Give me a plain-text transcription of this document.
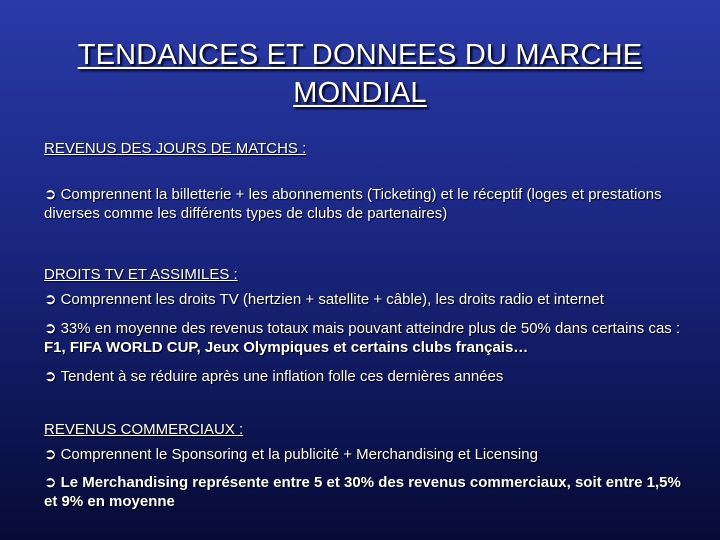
TENDANCES ET DONNEES DU MARCHE
MONDIAL

REVENUS DES JOURS DE MATCHS :

➲ Comprennent la billetterie + les abonnements (Ticketing) et le réceptif (loges et prestations diverses comme les différents types de clubs de partenaires)

DROITS TV ET ASSIMILES :

➲ Comprennent les droits TV (hertzien + satellite + câble), les droits radio et internet

➲ 33% en moyenne des revenus totaux mais pouvant atteindre plus de 50% dans certains cas : F1, FIFA WORLD CUP, Jeux Olympiques et certains clubs français…

➲ Tendent à se réduire après une inflation folle ces dernières années

REVENUS COMMERCIAUX :

➲ Comprennent le Sponsoring et la publicité + Merchandising et Licensing

➲ Le Merchandising représente entre 5 et 30% des revenus commerciaux, soit entre 1,5% et 9% en moyenne
